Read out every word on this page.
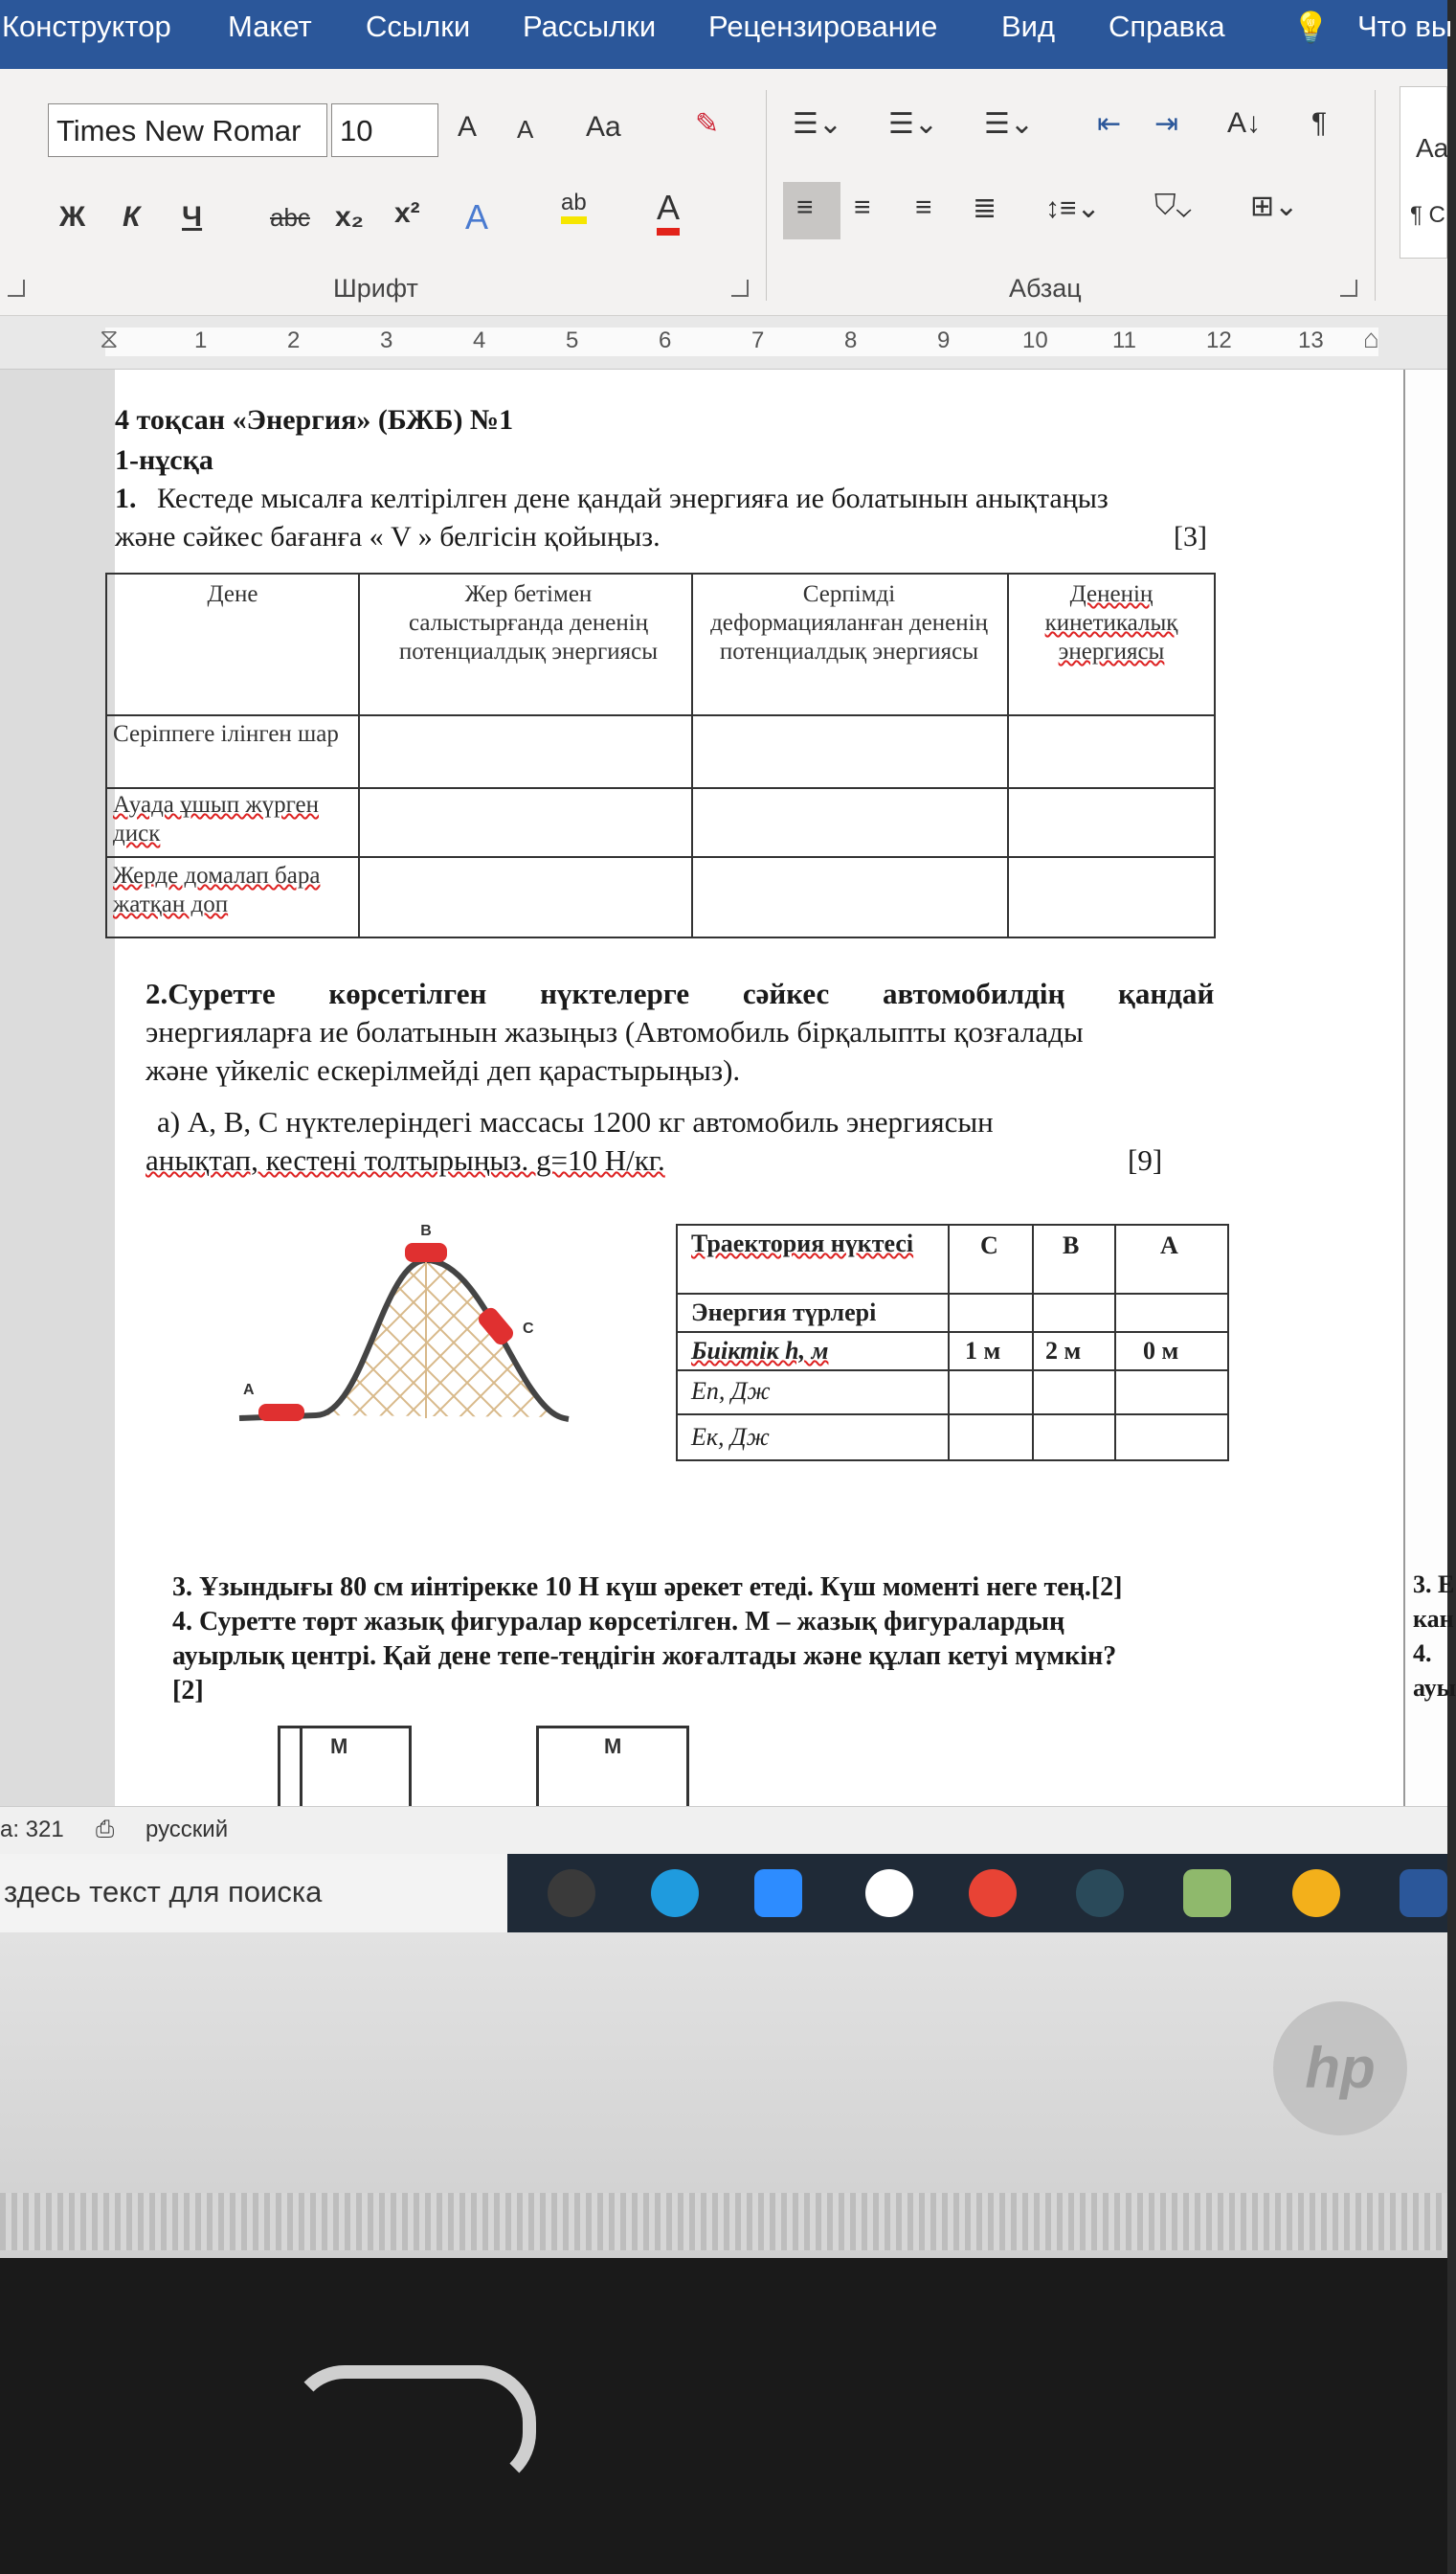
Конструктор Макет Ссылки Рассылки Рецензирование Вид Справка 💡 Что вы
Times New Romar	10	A A Aa	✎
Ж К Ч	abc x₂ x² A	ab A
☰⌄ ☰⌄ ☰⌄ ⇤ ⇥ A↓ ¶
≡ ≡ ≡ ≣ ↕≡⌄ ⛉⌄ ⊞⌄
Шрифт	Абзац
Aa
¶ C
⧖	⌂
1	2	3	4	5	6	7	8	9	10	11	12	13
4 тоқсан «Энергия» (БЖБ) №1
1-нұсқа
1. Кестеде мысалға келтірілген дене қандай энергияға ие болатынын анықтаңыз
және сәйкес бағанға « V » белгісін қойыңыз.	[3]
Дене	Жер бетімен салыстырғанда дененің потенциалдық энергиясы
Серпімді деформацияланған дененің потенциалдық энергиясы
Дененің кинетикалық энергиясы
Серіппеге ілінген шар
Ауада ұшып жүрген диск
Жерде домалап бара жатқан доп
2.Суретте көрсетілген нүктелерге сәйкес автомобилдің қандай
энергияларға ие болатынын жазыңыз (Автомобиль бірқалыпты қозғалады
және үйкеліс ескерілмейді деп қарастырыңыз).
а) А, В, С нүктелеріндегі массасы 1200 кг автомобиль энергиясын
анықтап, кестені толтырыңыз. g=10 Н/кг.	[9]
B
A
C
Траектория нүктесі	C	B	A
Энергия түрлері
Биіктік h, м	1 м 2 м 0 м
Еп, Дж
Ек, Дж
3. Ұзындығы 80 см иінтірекке 10 Н күш әрекет етеді. Күш моменті неге тең.[2]
4. Суретте төрт жазық фигуралар көрсетілген. М – жазық фигуралардың
ауырлық центрі. Қай дене тепе-теңдігін жоғалтады және құлап кетуі мүмкін?
[2]
М	М
3. Е
кан
4.
ауы
а: 321 ⎙ русский
здесь текст для поиска
hp
